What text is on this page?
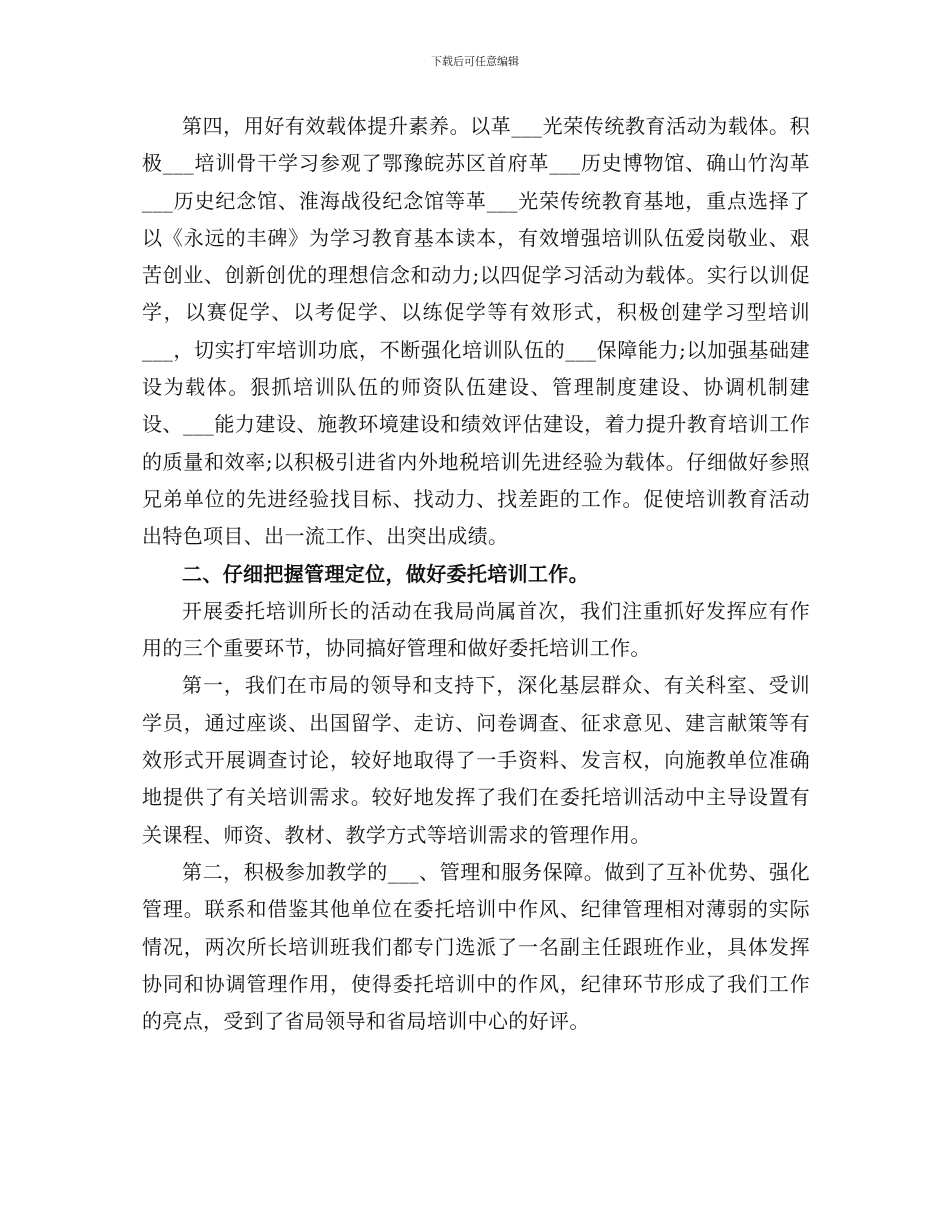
下载后可任意编辑

第四，用好有效载体提升素养。以革___光荣传统教育活动为载体。积极___培训骨干学习参观了鄂豫皖苏区首府革___历史博物馆、确山竹沟革___历史纪念馆、淮海战役纪念馆等革___光荣传统教育基地，重点选择了以《永远的丰碑》为学习教育基本读本，有效增强培训队伍爱岗敬业、艰苦创业、创新创优的理想信念和动力;以四促学习活动为载体。实行以训促学，以赛促学、以考促学、以练促学等有效形式，积极创建学习型培训___，切实打牢培训功底，不断强化培训队伍的___保障能力;以加强基础建设为载体。狠抓培训队伍的师资队伍建设、管理制度建设、协调机制建设、___能力建设、施教环境建设和绩效评估建设，着力提升教育培训工作的质量和效率;以积极引进省内外地税培训先进经验为载体。仔细做好参照兄弟单位的先进经验找目标、找动力、找差距的工作。促使培训教育活动出特色项目、出一流工作、出突出成绩。

二、仔细把握管理定位，做好委托培训工作。

开展委托培训所长的活动在我局尚属首次，我们注重抓好发挥应有作用的三个重要环节，协同搞好管理和做好委托培训工作。

第一，我们在市局的领导和支持下，深化基层群众、有关科室、受训学员，通过座谈、出国留学、走访、问卷调查、征求意见、建言献策等有效形式开展调查讨论，较好地取得了一手资料、发言权，向施教单位准确地提供了有关培训需求。较好地发挥了我们在委托培训活动中主导设置有关课程、师资、教材、教学方式等培训需求的管理作用。

第二，积极参加教学的___、管理和服务保障。做到了互补优势、强化管理。联系和借鉴其他单位在委托培训中作风、纪律管理相对薄弱的实际情况，两次所长培训班我们都专门选派了一名副主任跟班作业，具体发挥协同和协调管理作用，使得委托培训中的作风，纪律环节形成了我们工作的亮点，受到了省局领导和省局培训中心的好评。
